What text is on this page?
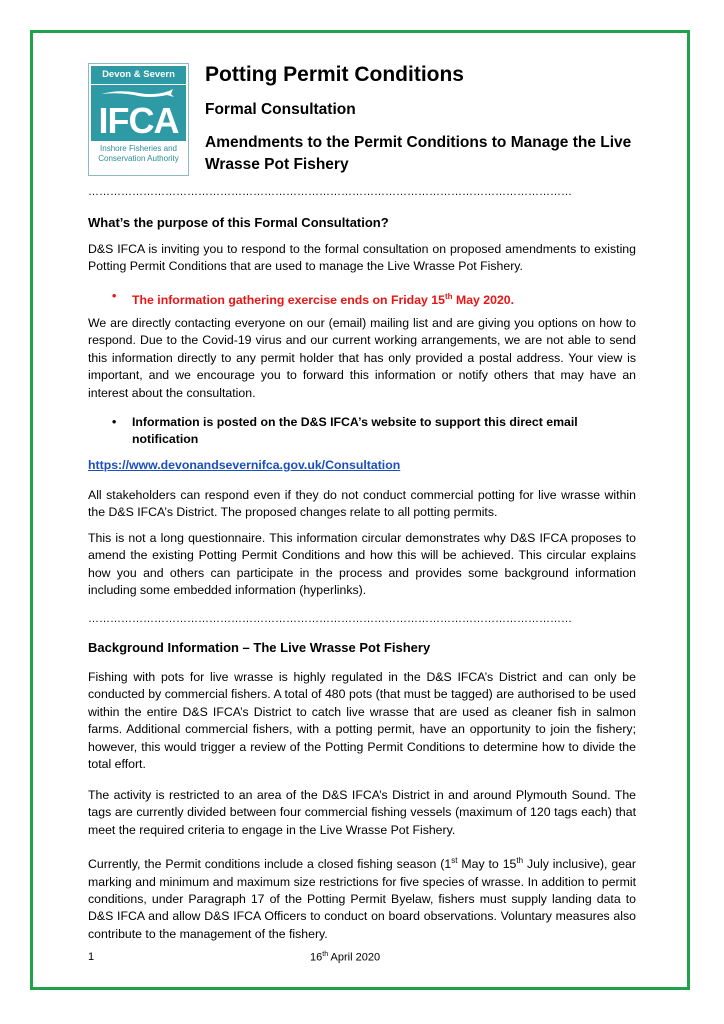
Devon & Severn
IFCA
Inshore Fisheries and Conservation Authority
Potting Permit Conditions
Formal Consultation
Amendments to the Permit Conditions to Manage the Live Wrasse Pot Fishery
……………………………………………………………………………………………………………………
What’s the purpose of this Formal Consultation?
D&S IFCA is inviting you to respond to the formal consultation on proposed amendments to existing Potting Permit Conditions that are used to manage the Live Wrasse Pot Fishery.
• The information gathering exercise ends on Friday 15th May 2020.
We are directly contacting everyone on our (email) mailing list and are giving you options on how to respond. Due to the Covid-19 virus and our current working arrangements, we are not able to send this information directly to any permit holder that has only provided a postal address. Your view is important, and we encourage you to forward this information or notify others that may have an interest about the consultation.
• Information is posted on the D&S IFCA’s website to support this direct email notification
https://www.devonandsevernifca.gov.uk/Consultation
All stakeholders can respond even if they do not conduct commercial potting for live wrasse within the D&S IFCA’s District. The proposed changes relate to all potting permits.
This is not a long questionnaire. This information circular demonstrates why D&S IFCA proposes to amend the existing Potting Permit Conditions and how this will be achieved. This circular explains how you and others can participate in the process and provides some background information including some embedded information (hyperlinks).
……………………………………………………………………………………………………………………
Background Information – The Live Wrasse Pot Fishery
Fishing with pots for live wrasse is highly regulated in the D&S IFCA’s District and can only be conducted by commercial fishers. A total of 480 pots (that must be tagged) are authorised to be used within the entire D&S IFCA’s District to catch live wrasse that are used as cleaner fish in salmon farms. Additional commercial fishers, with a potting permit, have an opportunity to join the fishery; however, this would trigger a review of the Potting Permit Conditions to determine how to divide the total effort.
The activity is restricted to an area of the D&S IFCA’s District in and around Plymouth Sound. The tags are currently divided between four commercial fishing vessels (maximum of 120 tags each) that meet the required criteria to engage in the Live Wrasse Pot Fishery.
Currently, the Permit conditions include a closed fishing season (1st May to 15th July inclusive), gear marking and minimum and maximum size restrictions for five species of wrasse. In addition to permit conditions, under Paragraph 17 of the Potting Permit Byelaw, fishers must supply landing data to D&S IFCA and allow D&S IFCA Officers to conduct on board observations. Voluntary measures also contribute to the management of the fishery.
1	16th April 2020
